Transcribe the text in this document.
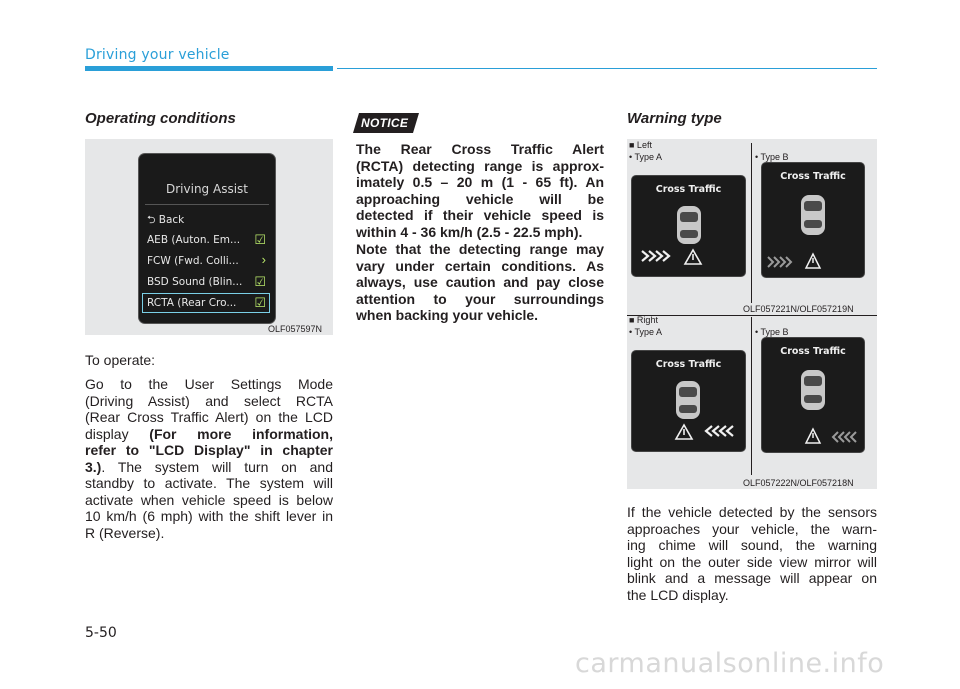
Driving your vehicle
Operating conditions
Driving Assist
⮌ Back
AEB (Auton. Em... ☑
FCW (Fwd. Colli... ›
BSD Sound (Blin... ☑
RCTA (Rear Cro... ☑
OLF057597N
To operate:
Go to the User Settings Mode
(Driving Assist) and select RCTA
(Rear Cross Traffic Alert) on the LCD
display (For more information,
refer to "LCD Display" in chapter
3.). The system will turn on and
standby to activate. The system will
activate when vehicle speed is below
10 km/h (6 mph) with the shift lever in
R (Reverse).
NOTICE
The Rear Cross Traffic Alert
(RCTA) detecting range is approx-
imately 0.5 – 20 m (1 - 65 ft). An
approaching vehicle will be
detected if their vehicle speed is
within 4 - 36 km/h (2.5 - 22.5 mph).
Note that the detecting range may
vary under certain conditions. As
always, use caution and pay close
attention to your surroundings
when backing your vehicle.
Warning type
■ Left
• Type A	• Type B
Cross Traffic
Cross Traffic
OLF057221N/OLF057219N
■ Right
• Type A	• Type B
Cross Traffic
Cross Traffic
OLF057222N/OLF057218N
If the vehicle detected by the sensors
approaches your vehicle, the warn-
ing chime will sound, the warning
light on the outer side view mirror will
blink and a message will appear on
the LCD display.
5-50
carmanualsonline.info
